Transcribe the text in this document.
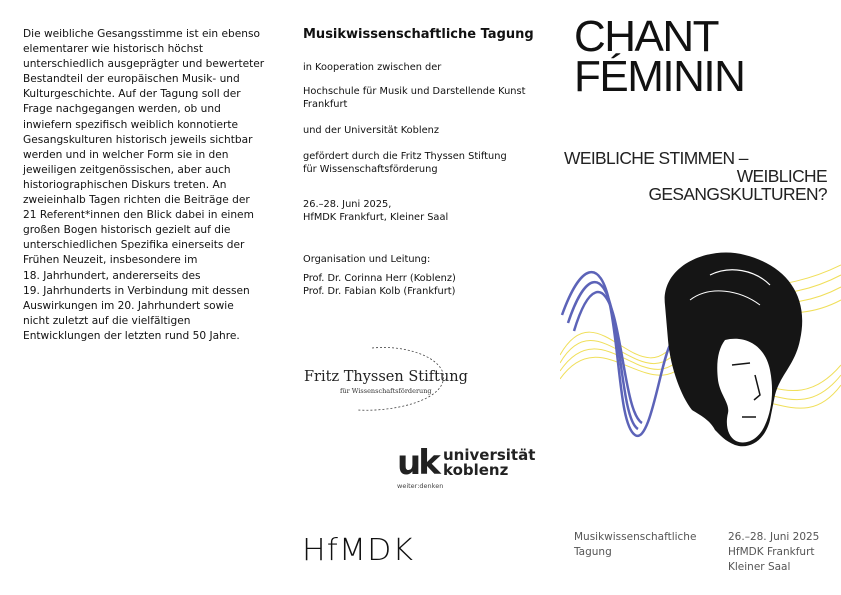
Die weibliche Gesangsstimme ist ein ebenso
elementarer wie historisch höchst
unterschiedlich ausgeprägter und bewerteter
Bestandteil der europäischen Musik- und
Kulturgeschichte. Auf der Tagung soll der
Frage nachgegangen werden, ob und
inwiefern spezifisch weiblich konnotierte
Gesangskulturen historisch jeweils sichtbar
werden und in welcher Form sie in den
jeweiligen zeitgenössischen, aber auch
historiographischen Diskurs treten. An
zweieinhalb Tagen richten die Beiträge der
21 Referent*innen den Blick dabei in einem
großen Bogen historisch gezielt auf die
unterschiedlichen Spezifika einerseits der
Frühen Neuzeit, insbesondere im
18. Jahrhundert, andererseits des
19. Jahrhunderts in Verbindung mit dessen
Auswirkungen im 20. Jahrhundert sowie
nicht zuletzt auf die vielfältigen
Entwicklungen der letzten rund 50 Jahre.

Musikwissenschaftliche Tagung

in Kooperation zwischen der

Hochschule für Musik und Darstellende Kunst
Frankfurt

und der Universität Koblenz

gefördert durch die Fritz Thyssen Stiftung
für Wissenschaftsförderung

26.–28. Juni 2025,
HfMDK Frankfurt, Kleiner Saal

Organisation und Leitung:

Prof. Dr. Corinna Herr (Koblenz)
Prof. Dr. Fabian Kolb (Frankfurt)

Fritz Thyssen Stiftung
für Wissenschaftsförderung
uk universität
koblenz
weiter:denken
HfMDK
CHANT
FÉMININ

WEIBLICHE STIMMEN –
WEIBLICHE
GESANGSKULTUREN?

Musikwissenschaftliche
Tagung
26.–28. Juni 2025
HfMDK Frankfurt
Kleiner Saal
